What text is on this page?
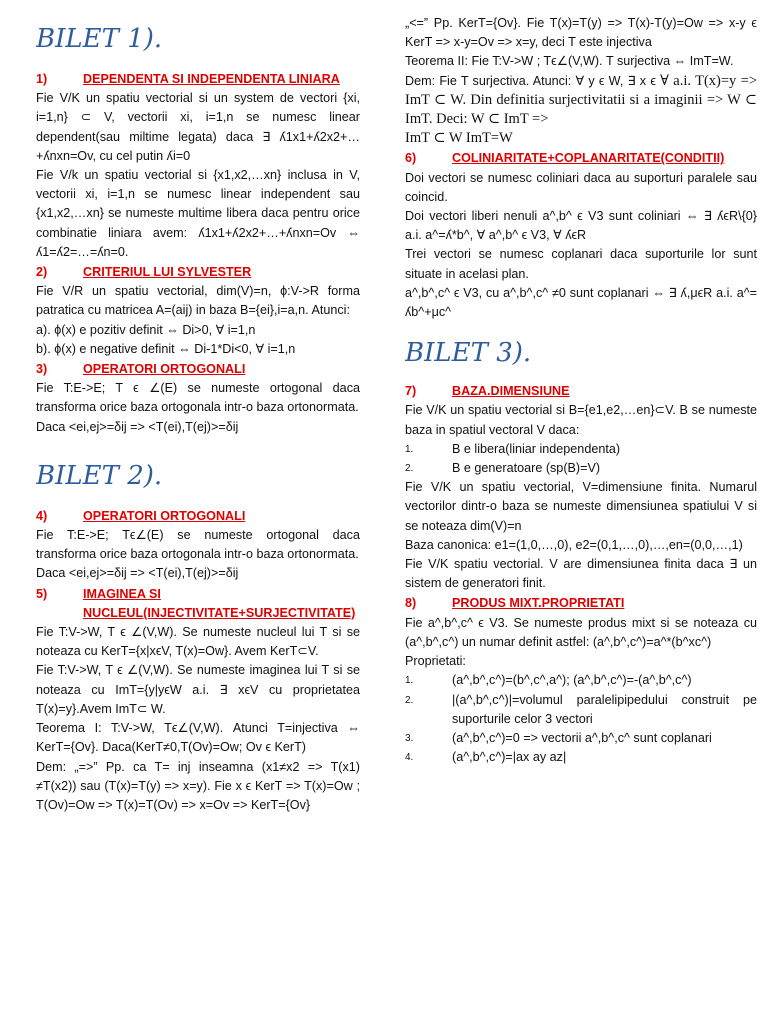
BILET 1).
1)	DEPENDENTA SI INDEPENDENTA LINIARA

Fie V/K un spatiu vectorial si un system de vectori {xi, i=1,n} ⊂ V, vectorii xi, i=1,n se numesc linear dependent(sau miltime legata) daca ∃ ʎ1x1+ʎ2x2+…+ʎnxn=Ov, cu cel putin ʎi=0

Fie V/k un spatiu vectorial si {x1,x2,…xn} inclusa in V, vectorii xi, i=1,n se numesc linear independent sau {x1,x2,…xn} se numeste multime libera daca pentru orice combinatie liniara avem: ʎ1x1+ʎ2x2+…+ʎnxn=Ov ⇔ ʎ1=ʎ2=…=ʎn=0.

2)	CRITERIUL LUI SYLVESTER

Fie V/R un spatiu vectorial, dim(V)=n, ϕ:V->R forma patratica cu matricea A=(aij) in baza B={ei},i=a,n. Atunci:

a). ϕ(x) e pozitiv definit ⇔ Di>0, ∀ i=1,n

b). ϕ(x) e negative definit ⇔ Di-1*Di<0, ∀ i=1,n

3)	OPERATORI ORTOGONALI

Fie T:E->E; T ϵ ∠(E) se numeste ortogonal daca transforma orice baza ortogonala intr-o baza ortonormata.

Daca <ei,ej>=δij => <T(ei),T(ej)>=δij

BILET 2).
4)	OPERATORI ORTOGONALI

Fie T:E->E; Tϵ∠(E) se numeste ortogonal daca transforma orice baza ortogonala intr-o baza ortonormata.

Daca <ei,ej>=δij => <T(ei),T(ej)>=δij

5)	IMAGINEA SI NUCLEUL(INJECTIVITATE+SURJECTIVITATE)

Fie T:V->W, T ϵ ∠(V,W). Se numeste nucleul lui T si se noteaza cu KerT={x|xϵV, T(x)=Ow}. Avem KerT⊂V.

Fie T:V->W, T ϵ ∠(V,W). Se numeste imaginea lui T si se noteaza cu ImT={y|yϵW a.i. ∃ xϵV cu proprietatea T(x)=y}.Avem ImT⊂ W.

Teorema I: T:V->W, Tϵ∠(V,W). Atunci T=injectiva ⇔ KerT={Ov}. Daca(KerT≠0,T(Ov)=Ow; Ov ϵ KerT)

Dem: „=>” Pp. ca T= inj inseamna (x1≠x2 => T(x1) ≠T(x2)) sau (T(x)=T(y) => x=y). Fie x ϵ KerT => T(x)=Ow ; T(Ov)=Ow => T(x)=T(Ov) => x=Ov => KerT={Ov}

„<=” Pp. KerT={Ov}. Fie T(x)=T(y) => T(x)-T(y)=Ow => x-y ϵ KerT => x-y=Ov => x=y, deci T este injectiva

Teorema II: Fie T:V->W ; Tϵ∠(V,W). T surjectiva ⇔ ImT=W.

Dem: Fie T surjectiva. Atunci: ∀ y ϵ W, ∃ x ϵ ∀ a.i. T(x)=y => ImT ⊂ W. Din definitia surjectivitatii si a imaginii => W ⊂ ImT. Deci: W ⊂ ImT =>

ImT ⊂ W ImT=W

6)	COLINIARITATE+COPLANARITATE(CONDITII)

Doi vectori se numesc coliniari daca au suporturi paralele sau coincid.

Doi vectori liberi nenuli a^,b^ ϵ V3 sunt coliniari ⇔ ∃ ʎϵR\{0} a.i. a^=ʎ*b^, ∀ a^,b^ ϵ V3, ∀ ʎϵR

Trei vectori se numesc coplanari daca suporturile lor sunt situate in acelasi plan.

a^,b^,c^ ϵ V3, cu a^,b^,c^ ≠0 sunt coplanari ⇔ ∃ ʎ,μϵR a.i. a^= ʎb^+μc^

BILET 3).
7)	BAZA.DIMENSIUNE

Fie V/K un spatiu vectorial si B={e1,e2,…en}⊂V. B se numeste baza in spatiul vectoral V daca:

1.	B e libera(liniar independenta)
2.	B e generatoare (sp(B)=V)

Fie V/K un spatiu vectorial, V=dimensiune finita. Numarul vectorilor dintr-o baza se numeste dimensiunea spatiului V si se noteaza dim(V)=n

Baza canonica: e1=(1,0,…,0), e2=(0,1,…,0),…,en=(0,0,…,1)

Fie V/K spatiu vectorial. V are dimensiunea finita daca ∃ un sistem de generatori finit.

8)	PRODUS MIXT.PROPRIETATI

Fie a^,b^,c^ ϵ V3. Se numeste produs mixt si se noteaza cu (a^,b^,c^) un numar definit astfel: (a^,b^,c^)=a^*(b^xc^)

Proprietati:

1.	(a^,b^,c^)=(b^,c^,a^); (a^,b^,c^)=-(a^,b^,c^)
2.	|(a^,b^,c^)|=volumul paralelipipedului construit pe suporturile celor 3 vectori
3.	(a^,b^,c^)=0 => vectorii a^,b^,c^ sunt coplanari
4.	(a^,b^,c^)=|ax ay az|
